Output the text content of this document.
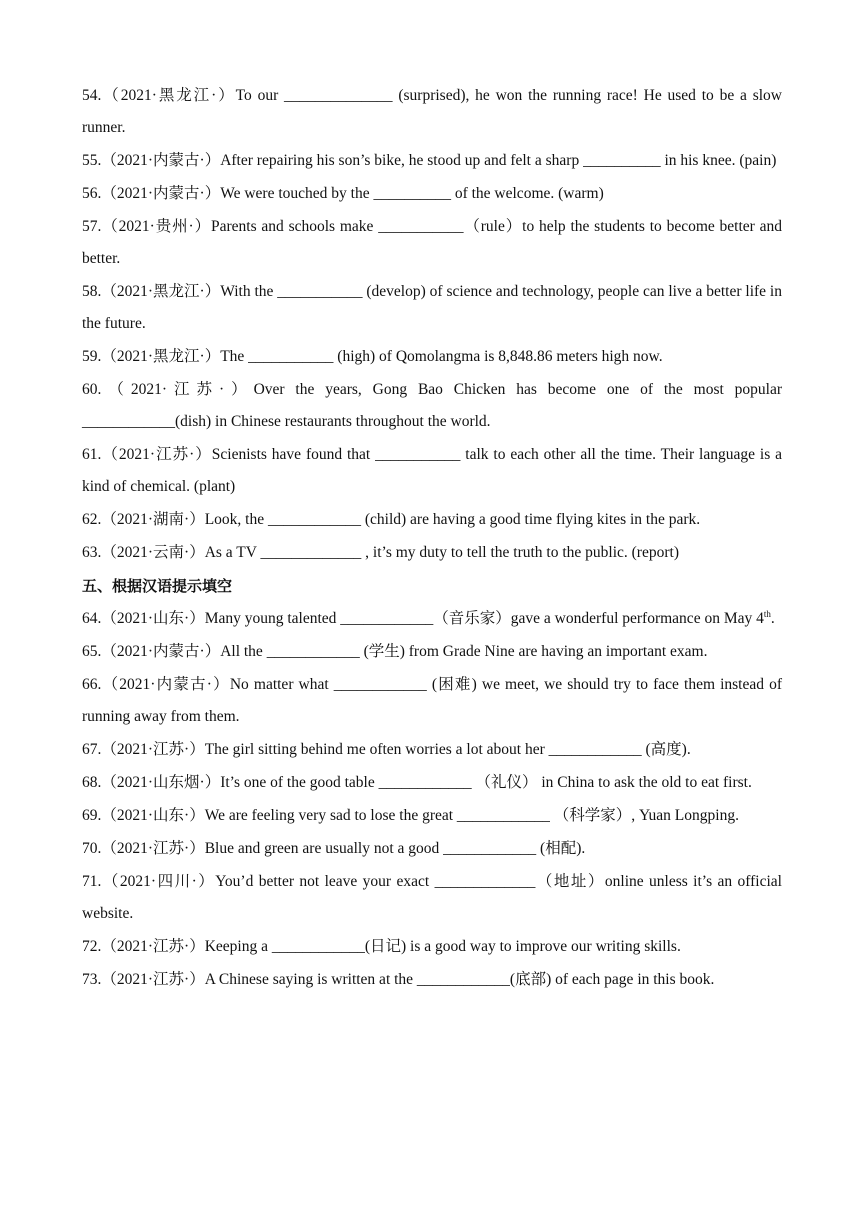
54.（2021·黑龙江·）To our ______________ (surprised), he won the running race! He used to be a slow runner.

55.（2021·内蒙古·）After repairing his son’s bike, he stood up and felt a sharp __________ in his knee. (pain)

56.（2021·内蒙古·）We were touched by the __________ of the welcome. (warm)

57.（2021·贵州·）Parents and schools make ___________（rule）to help the students to become better and better.

58.（2021·黑龙江·）With the ___________ (develop) of science and technology, people can live a better life in the future.

59.（2021·黑龙江·）The ___________ (high) of Qomolangma is 8,848.86 meters high now.

60.（2021·江苏·）Over the years, Gong Bao Chicken has become one of the most popular ____________(dish) in Chinese restaurants throughout the world.

61.（2021·江苏·）Scienists have found that ___________ talk to each other all the time. Their language is a kind of chemical. (plant)

62.（2021·湖南·）Look, the ____________ (child) are having a good time flying kites in the park.

63.（2021·云南·）As a TV _____________ , it’s my duty to tell the truth to the public. (report)

五、根据汉语提示填空

64.（2021·山东·）Many young talented ____________（音乐家）gave a wonderful performance on May 4th.

65.（2021·内蒙古·）All the ____________ (学生) from Grade Nine are having an important exam.

66.（2021·内蒙古·）No matter what ____________ (困难) we meet, we should try to face them instead of running away from them.

67.（2021·江苏·）The girl sitting behind me often worries a lot about her ____________ (高度).

68.（2021·山东烟·）It’s one of the good table ____________ （礼仪） in China to ask the old to eat first.

69.（2021·山东·）We are feeling very sad to lose the great ____________ （科学家）, Yuan Longping.

70.（2021·江苏·）Blue and green are usually not a good ____________ (相配).

71.（2021·四川·）You’d better not leave your exact _____________（地址）online unless it’s an official website.

72.（2021·江苏·）Keeping a ____________(日记) is a good way to improve our writing skills.

73.（2021·江苏·）A Chinese saying is written at the ____________(底部) of each page in this book.
